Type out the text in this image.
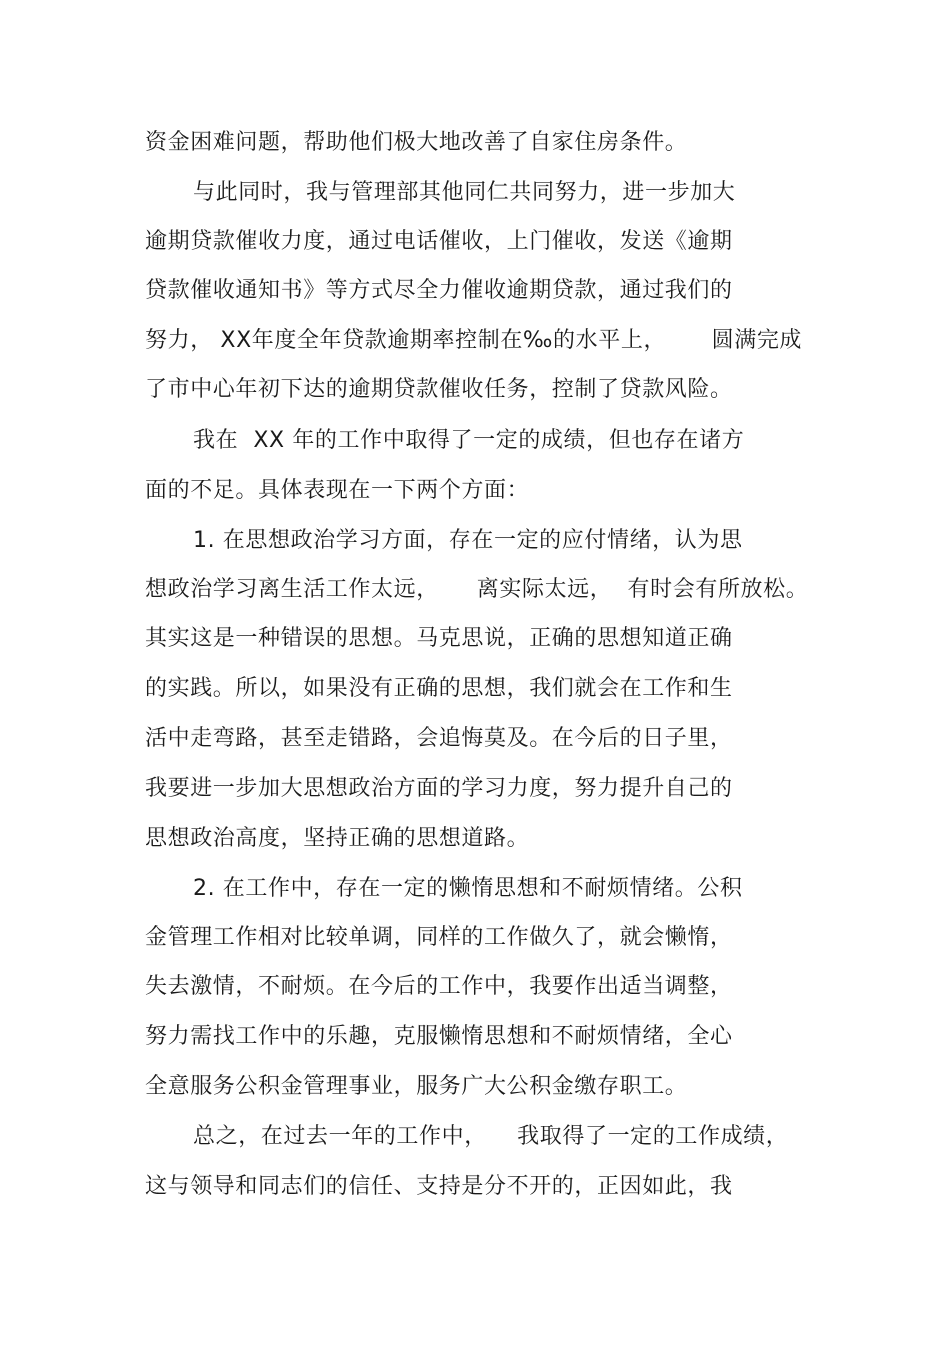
资金困难问题，帮助他们极大地改善了自家住房条件。
与此同时，我与管理部其他同仁共同努力，进一步加大
逾期贷款催收力度，通过电话催收，上门催收，发送《逾期
贷款催收通知书》等方式尽全力催收逾期贷款，通过我们的
努力， XX年度全年贷款逾期率控制在‰的水平上，      圆满完成
了市中心年初下达的逾期贷款催收任务，控制了贷款风险。
我在  XX 年的工作中取得了一定的成绩，但也存在诸方
面的不足。具体表现在一下两个方面：
1. 在思想政治学习方面，存在一定的应付情绪，认为思
想政治学习离生活工作太远，     离实际太远，  有时会有所放松。
其实这是一种错误的思想。马克思说，正确的思想知道正确
的实践。所以，如果没有正确的思想，我们就会在工作和生
活中走弯路，甚至走错路，会追悔莫及。在今后的日子里，
我要进一步加大思想政治方面的学习力度，努力提升自己的
思想政治高度，坚持正确的思想道路。
2. 在工作中，存在一定的懒惰思想和不耐烦情绪。公积
金管理工作相对比较单调，同样的工作做久了，就会懒惰，
失去激情，不耐烦。在今后的工作中，我要作出适当调整，
努力需找工作中的乐趣，克服懒惰思想和不耐烦情绪，全心
全意服务公积金管理事业，服务广大公积金缴存职工。
总之，在过去一年的工作中，    我取得了一定的工作成绩，
这与领导和同志们的信任、支持是分不开的，正因如此，我
